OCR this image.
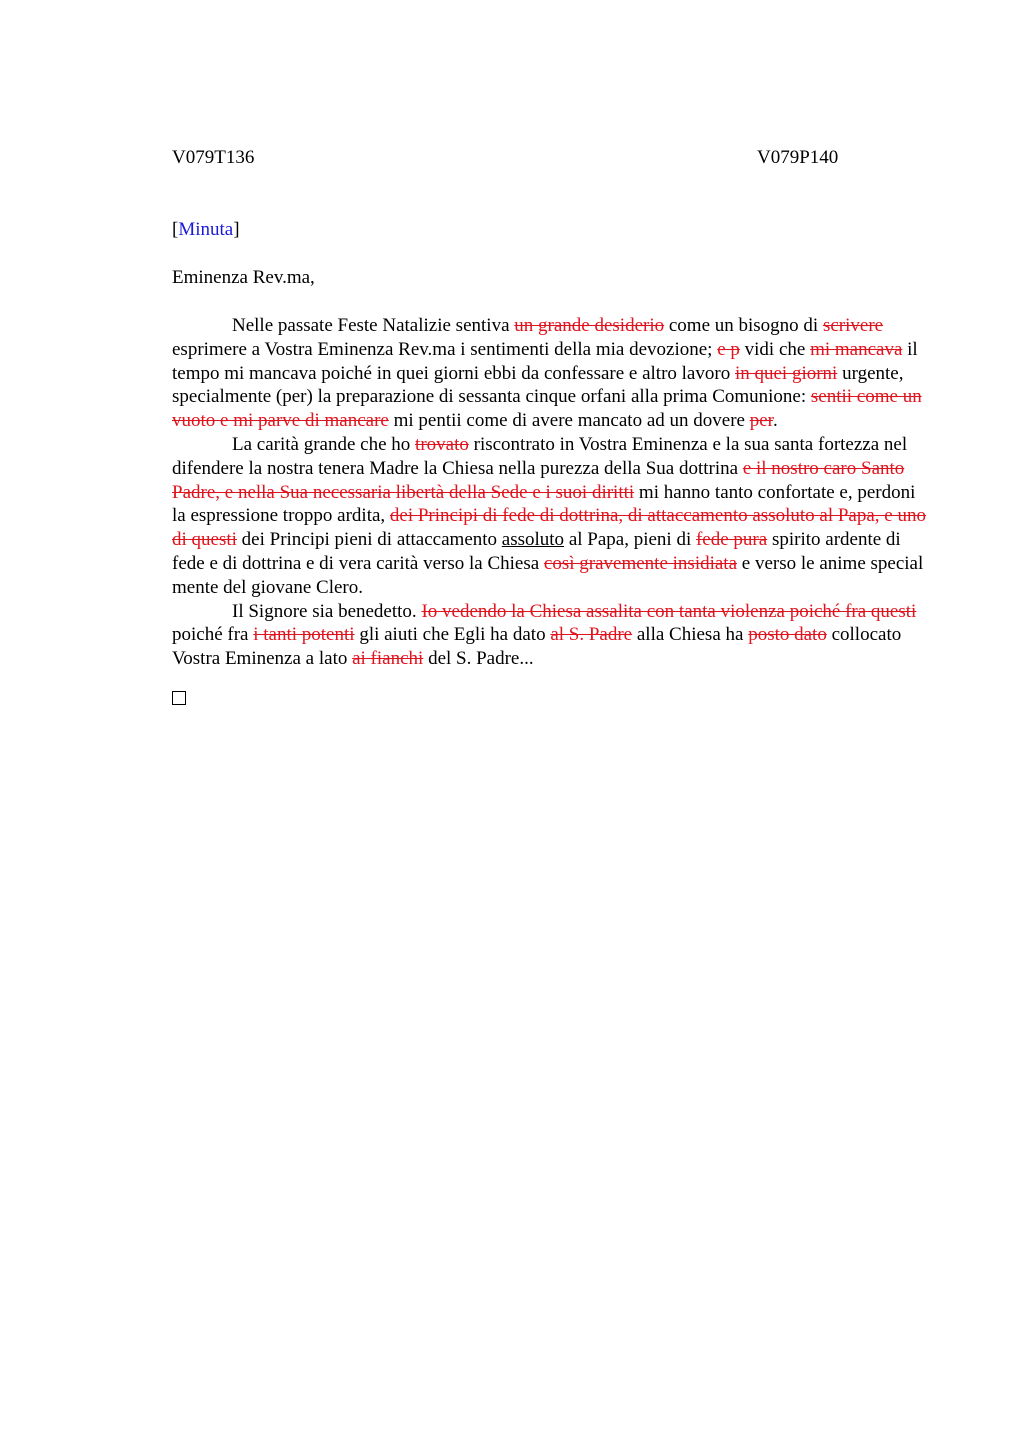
V079T136	V079P140
[Minuta]
Eminenza Rev.ma,

Nelle passate Feste Natalizie sentiva un grande desiderio come un bisogno di scrivere esprimere a Vostra Eminenza Rev.ma i sentimenti della mia devozione; e p vidi che mi mancava il tempo mi mancava poiché in quei giorni ebbi da confessare e altro lavoro in quei giorni urgente, specialmente (per) la preparazione di sessanta cinque orfani alla prima Comunione: sentii come un vuoto e mi parve di mancare mi pentii come di avere mancato ad un dovere per.

La carità grande che ho trovato riscontrato in Vostra Eminenza e la sua santa fortezza nel difendere la nostra tenera Madre la Chiesa nella purezza della Sua dottrina e il nostro caro Santo Padre, e nella Sua necessaria libertà della Sede e i suoi diritti mi hanno tanto confortate e, perdoni la espressione troppo ardita, dei Principi di fede di dottrina, di attaccamento assoluto al Papa, e uno di questi dei Principi pieni di attaccamento assoluto al Papa, pieni di fede pura spirito ardente di fede e di dottrina e di vera carità verso la Chiesa così gravemente insidiata e verso le anime special mente del giovane Clero.

Il Signore sia benedetto. Io vedendo la Chiesa assalita con tanta violenza poiché fra questi poiché fra i tanti potenti gli aiuti che Egli ha dato al S. Padre alla Chiesa ha posto dato collocato Vostra Eminenza a lato ai fianchi del S. Padre...
